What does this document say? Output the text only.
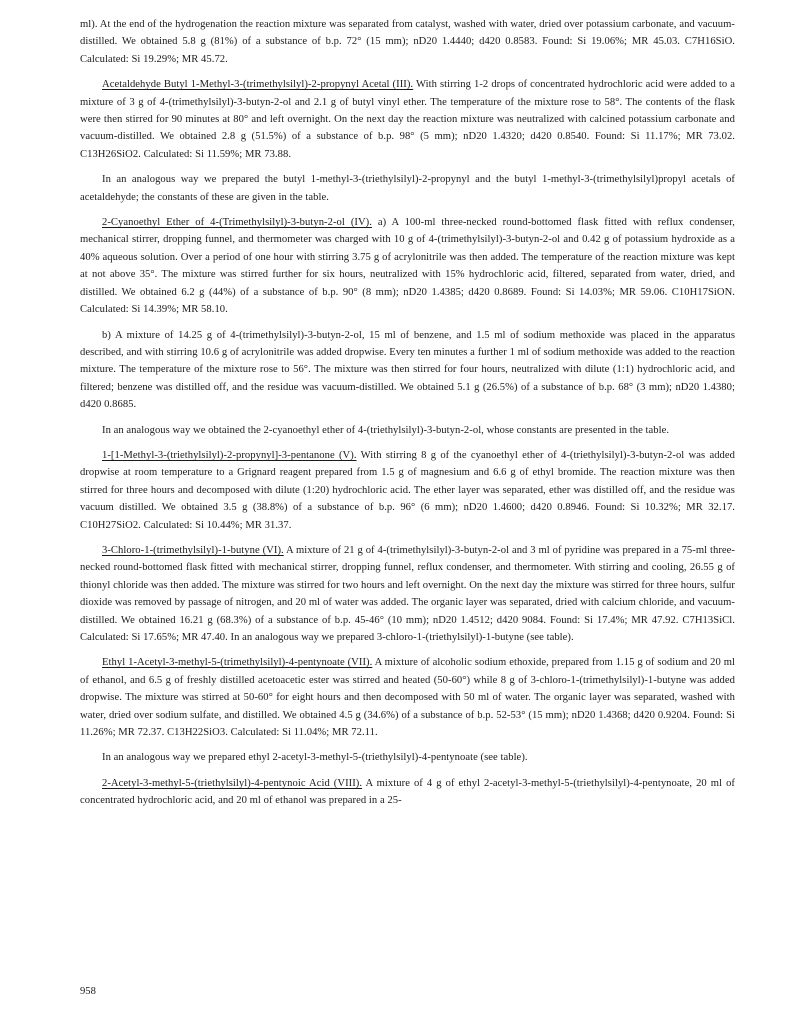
ml). At the end of the hydrogenation the reaction mixture was separated from catalyst, washed with water, dried over potassium carbonate, and vacuum-distilled. We obtained 5.8 g (81%) of a substance of b.p. 72° (15 mm); nD20 1.4440; d420 0.8583. Found: Si 19.06%; MR 45.03. C7H16SiO. Calculated: Si 19.29%; MR 45.72.

Acetaldehyde Butyl 1-Methyl-3-(trimethylsilyl)-2-propynyl Acetal (III). With stirring 1-2 drops of concentrated hydrochloric acid were added to a mixture of 3 g of 4-(trimethylsilyl)-3-butyn-2-ol and 2.1 g of butyl vinyl ether. The temperature of the mixture rose to 58°. The contents of the flask were then stirred for 90 minutes at 80° and left overnight. On the next day the reaction mixture was neutralized with calcined potassium carbonate and vacuum-distilled. We obtained 2.8 g (51.5%) of a substance of b.p. 98° (5 mm); nD20 1.4320; d420 0.8540. Found: Si 11.17%; MR 73.02. C13H26SiO2. Calculated: Si 11.59%; MR 73.88.

In an analogous way we prepared the butyl 1-methyl-3-(triethylsilyl)-2-propynyl and the butyl 1-methyl-3-(trimethylsilyl)propyl acetals of acetaldehyde; the constants of these are given in the table.

2-Cyanoethyl Ether of 4-(Trimethylsilyl)-3-butyn-2-ol (IV). a) A 100-ml three-necked round-bottomed flask fitted with reflux condenser, mechanical stirrer, dropping funnel, and thermometer was charged with 10 g of 4-(trimethylsilyl)-3-butyn-2-ol and 0.42 g of potassium hydroxide as a 40% aqueous solution. Over a period of one hour with stirring 3.75 g of acrylonitrile was then added. The temperature of the reaction mixture was kept at not above 35°. The mixture was stirred further for six hours, neutralized with 15% hydrochloric acid, filtered, separated from water, dried, and distilled. We obtained 6.2 g (44%) of a substance of b.p. 90° (8 mm); nD20 1.4385; d420 0.8689. Found: Si 14.03%; MR 59.06. C10H17SiON. Calculated: Si 14.39%; MR 58.10.

b) A mixture of 14.25 g of 4-(trimethylsilyl)-3-butyn-2-ol, 15 ml of benzene, and 1.5 ml of sodium methoxide was placed in the apparatus described, and with stirring 10.6 g of acrylonitrile was added dropwise. Every ten minutes a further 1 ml of sodium methoxide was added to the reaction mixture. The temperature of the mixture rose to 56°. The mixture was then stirred for four hours, neutralized with dilute (1:1) hydrochloric acid, and filtered; benzene was distilled off, and the residue was vacuum-distilled. We obtained 5.1 g (26.5%) of a substance of b.p. 68° (3 mm); nD20 1.4380; d420 0.8685.

In an analogous way we obtained the 2-cyanoethyl ether of 4-(triethylsilyl)-3-butyn-2-ol, whose constants are presented in the table.

1-[1-Methyl-3-(triethylsilyl)-2-propynyl]-3-pentanone (V). With stirring 8 g of the cyanoethyl ether of 4-(triethylsilyl)-3-butyn-2-ol was added dropwise at room temperature to a Grignard reagent prepared from 1.5 g of magnesium and 6.6 g of ethyl bromide. The reaction mixture was then stirred for three hours and decomposed with dilute (1:20) hydrochloric acid. The ether layer was separated, ether was distilled off, and the residue was vacuum distilled. We obtained 3.5 g (38.8%) of a substance of b.p. 96° (6 mm); nD20 1.4600; d420 0.8946. Found: Si 10.32%; MR 32.17. C10H27SiO2. Calculated: Si 10.44%; MR 31.37.

3-Chloro-1-(trimethylsilyl)-1-butyne (VI). A mixture of 21 g of 4-(trimethylsilyl)-3-butyn-2-ol and 3 ml of pyridine was prepared in a 75-ml three-necked round-bottomed flask fitted with mechanical stirrer, dropping funnel, reflux condenser, and thermometer. With stirring and cooling, 26.55 g of thionyl chloride was then added. The mixture was stirred for two hours and left overnight. On the next day the mixture was stirred for three hours, sulfur dioxide was removed by passage of nitrogen, and 20 ml of water was added. The organic layer was separated, dried with calcium chloride, and vacuum-distilled. We obtained 16.21 g (68.3%) of a substance of b.p. 45-46° (10 mm); nD20 1.4512; d420 9084. Found: Si 17.4%; MR 47.92. C7H13SiCl. Calculated: Si 17.65%; MR 47.40. In an analogous way we prepared 3-chloro-1-(triethylsilyl)-1-butyne (see table).

Ethyl 1-Acetyl-3-methyl-5-(trimethylsilyl)-4-pentynoate (VII). A mixture of alcoholic sodium ethoxide, prepared from 1.15 g of sodium and 20 ml of ethanol, and 6.5 g of freshly distilled acetoacetic ester was stirred and heated (50-60°) while 8 g of 3-chloro-1-(trimethylsilyl)-1-butyne was added dropwise. The mixture was stirred at 50-60° for eight hours and then decomposed with 50 ml of water. The organic layer was separated, washed with water, dried over sodium sulfate, and distilled. We obtained 4.5 g (34.6%) of a substance of b.p. 52-53° (15 mm); nD20 1.4368; d420 0.9204. Found: Si 11.26%; MR 72.37. C13H22SiO3. Calculated: Si 11.04%; MR 72.11.

In an analogous way we prepared ethyl 2-acetyl-3-methyl-5-(triethylsilyl)-4-pentynoate (see table).

2-Acetyl-3-methyl-5-(triethylsilyl)-4-pentynoic Acid (VIII). A mixture of 4 g of ethyl 2-acetyl-3-methyl-5-(triethylsilyl)-4-pentynoate, 20 ml of concentrated hydrochloric acid, and 20 ml of ethanol was prepared in a 25-

958
